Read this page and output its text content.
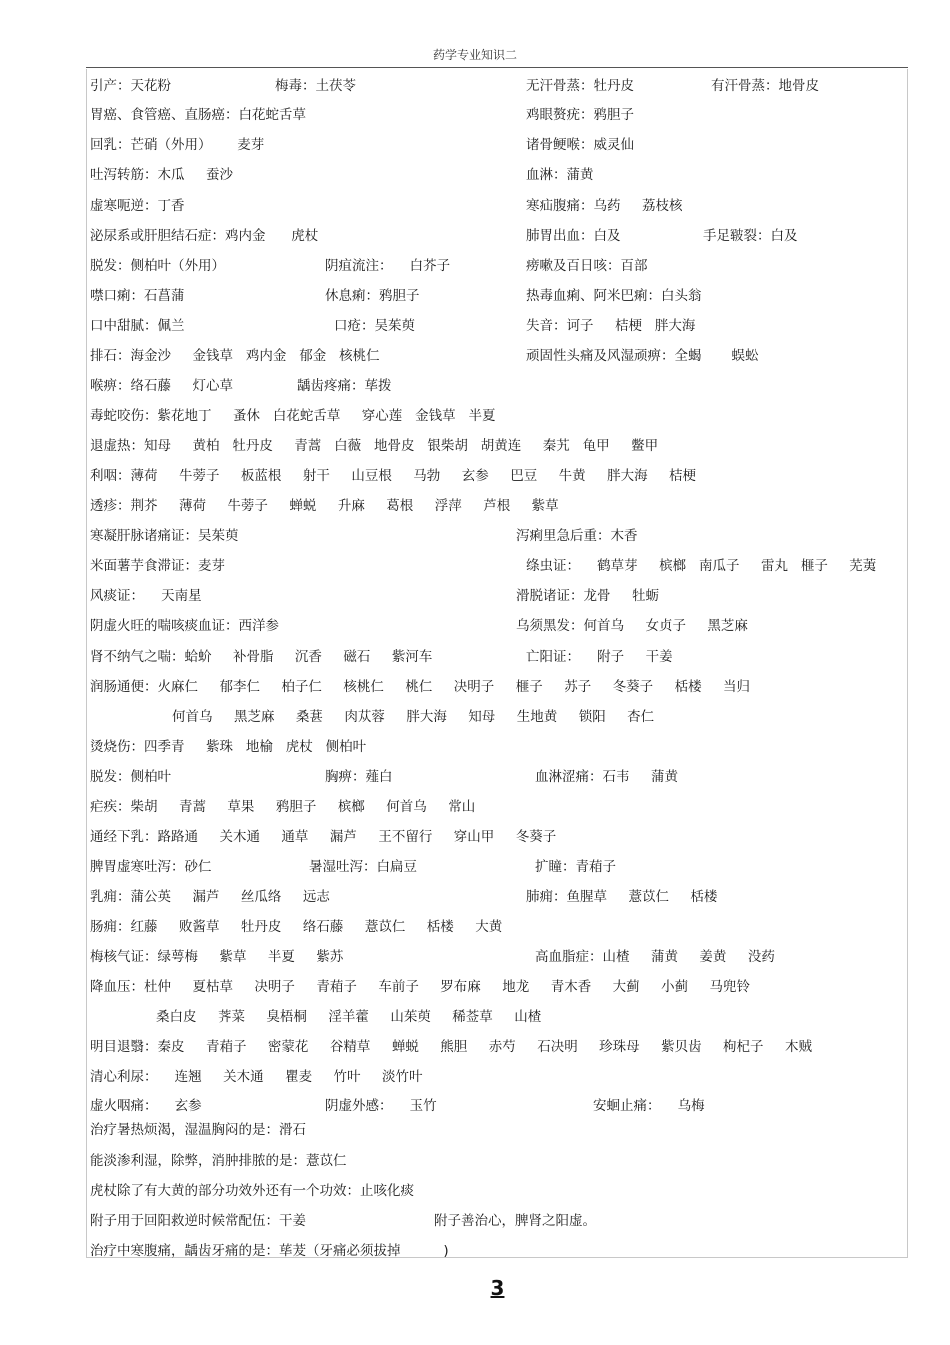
药学专业知识二
引产：天花粉	梅毒：土茯苓	无汗骨蒸：牡丹皮	有汗骨蒸：地骨皮
胃癌、食管癌、直肠癌：白花蛇舌草	鸡眼赘疣：鸦胆子
回乳：芒硝（外用）      麦芽	诸骨鲠喉：威灵仙
吐泻转筋：木瓜     蚕沙	血淋：蒲黄
虚寒呃逆：丁香	寒疝腹痛：乌药     荔枝核
泌尿系或肝胆结石症：鸡内金      虎杖	肺胃出血：白及	手足皲裂：白及
脱发：侧柏叶（外用）	阴疽流注：    白芥子	痨嗽及百日咳：百部
噤口痢：石菖蒲	休息痢：鸦胆子	热毒血痢、阿米巴痢：白头翁
口中甜腻：佩兰	口疮：吴茱萸	失音：诃子     桔梗   胖大海
排石：海金沙     金钱草   鸡内金   郁金   核桃仁	顽固性头痛及风湿顽痹：全蝎       蜈蚣
喉痹：络石藤     灯心草	龋齿疼痛：荜拨
毒蛇咬伤：紫花地丁     蚤休   白花蛇舌草     穿心莲   金钱草   半夏
退虚热：知母     黄柏   牡丹皮     青蒿   白薇   地骨皮   银柴胡   胡黄连     秦艽   龟甲     鳖甲
利咽：薄荷     牛蒡子     板蓝根     射干     山豆根     马勃     玄参     巴豆     牛黄     胖大海     桔梗
透疹：荆芥     薄荷     牛蒡子     蝉蜕     升麻     葛根     浮萍     芦根     紫草
寒凝肝脉诸痛证：吴茱萸	泻痢里急后重：木香
米面薯芋食滞证：麦芽	绦虫证：    鹤草芽     槟榔   南瓜子     雷丸   榧子     芜荑
风痰证：    天南星	滑脱诸证：龙骨     牡蛎
阴虚火旺的喘咳痰血证：西洋参	乌须黑发：何首乌     女贞子     黑芝麻
肾不纳气之喘：蛤蚧     补骨脂     沉香     磁石     紫河车	亡阳证：    附子     干姜
润肠通便：火麻仁     郁李仁     柏子仁     核桃仁     桃仁     决明子     榧子     苏子     冬葵子     栝楼     当归
何首乌     黑芝麻     桑葚     肉苁蓉     胖大海     知母     生地黄     锁阳     杏仁
烫烧伤：四季青     紫珠   地榆   虎杖   侧柏叶
脱发：侧柏叶	胸痹：薤白	血淋涩痛：石韦     蒲黄
疟疾：柴胡     青蒿     草果     鸦胆子     槟榔     何首乌     常山
通经下乳：路路通     关木通     通草     漏芦     王不留行     穿山甲     冬葵子
脾胃虚寒吐泻：砂仁	暑湿吐泻：白扁豆	扩瞳：青葙子
乳痈：蒲公英     漏芦     丝瓜络     远志	肺痈：鱼腥草     薏苡仁     栝楼
肠痈：红藤     败酱草     牡丹皮     络石藤     薏苡仁     栝楼     大黄
梅核气证：绿萼梅     紫草     半夏     紫苏	高血脂症：山楂     蒲黄     姜黄     没药
降血压：杜仲     夏枯草     决明子     青葙子     车前子     罗布麻     地龙     青木香     大蓟     小蓟     马兜铃
桑白皮     荠菜     臭梧桐     淫羊藿     山茱萸     稀莶草     山楂
明目退翳：秦皮     青葙子     密蒙花     谷精草     蝉蜕     熊胆     赤芍     石决明     珍珠母     紫贝齿     枸杞子     木贼
清心利尿：    连翘     关木通     瞿麦     竹叶     淡竹叶
虚火咽痛：    玄参	阴虚外感：    玉竹	安蛔止痛：    乌梅
治疗暑热烦渴，湿温胸闷的是：滑石
能淡渗利湿，除弊，消肿排脓的是：薏苡仁
虎杖除了有大黄的部分功效外还有一个功效：止咳化痰
附子用于回阳救逆时候常配伍：干姜	附子善治心，脾肾之阳虚。
治疗中寒腹痛，龋齿牙痛的是：荜茇（牙痛必须拔掉          )
3
